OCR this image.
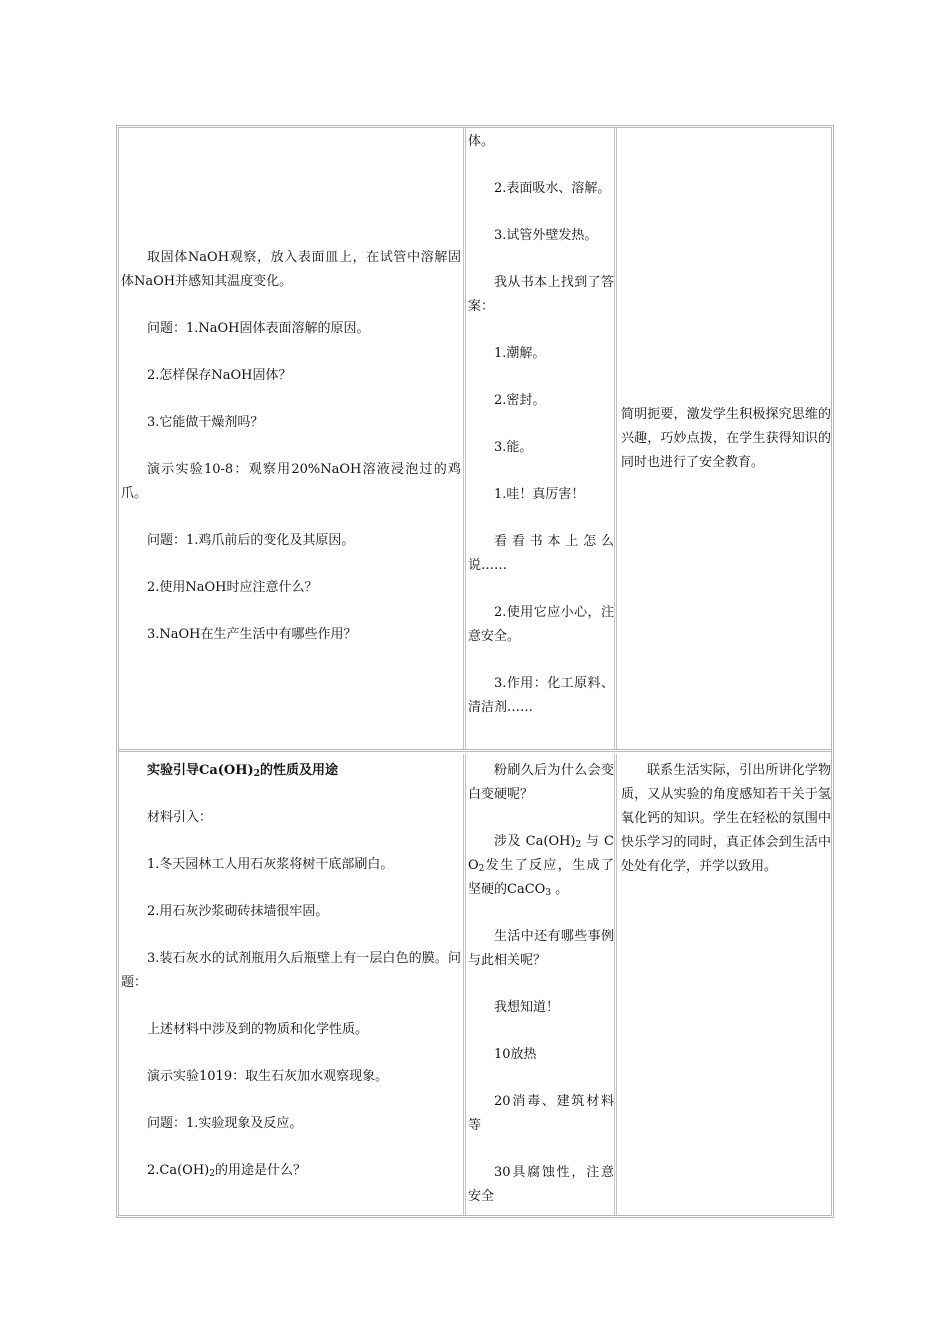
取固体NaOH观察，放入表面皿上，在试管中溶解固体NaOH并感知其温度变化。

问题：1.NaOH固体表面溶解的原因。

2.怎样保存NaOH固体？

3.它能做干燥剂吗？

演示实验10-8：观察用20%NaOH溶液浸泡过的鸡爪。

问题：1.鸡爪前后的变化及其原因。

2.使用NaOH时应注意什么？

3.NaOH在生产生活中有哪些作用？

体。

2.表面吸水、溶解。

3.试管外壁发热。

我从书本上找到了答案：

1.潮解。

2.密封。

3.能。

1.哇！真厉害！

看看书本上怎么说……

2.使用它应小心，注意安全。

3.作用：化工原料、清洁剂……

简明扼要，激发学生积极探究思维的兴趣，巧妙点拨，在学生获得知识的同时也进行了安全教育。

实验引导$Ca(OH)_2$的性质及用途

材料引入：

1.冬天园林工人用石灰浆将树干底部刷白。

2.用石灰沙浆砌砖抹墙很牢固。

3.装石灰水的试剂瓶用久后瓶壁上有一层白色的膜。问题：

上述材料中涉及到的物质和化学性质。

演示实验1019：取生石灰加水观察现象。

问题：1.实验现象及反应。

$2.Ca(OH)_2$的用途是什么？

粉刷久后为什么会变白变硬呢？

涉及 $Ca(OH)_2$ 与 $CO_2$发生了反应，生成了坚硬的CaCO$_3$ 。

生活中还有哪些事例与此相关呢？

我想知道！

10放热

20消毒、建筑材料等

30具腐蚀性，注意安全

联系生活实际，引出所讲化学物质，又从实验的角度感知若干关于氢氧化钙的知识。学生在轻松的氛围中快乐学习的同时，真正体会到生活中处处有化学，并学以致用。
